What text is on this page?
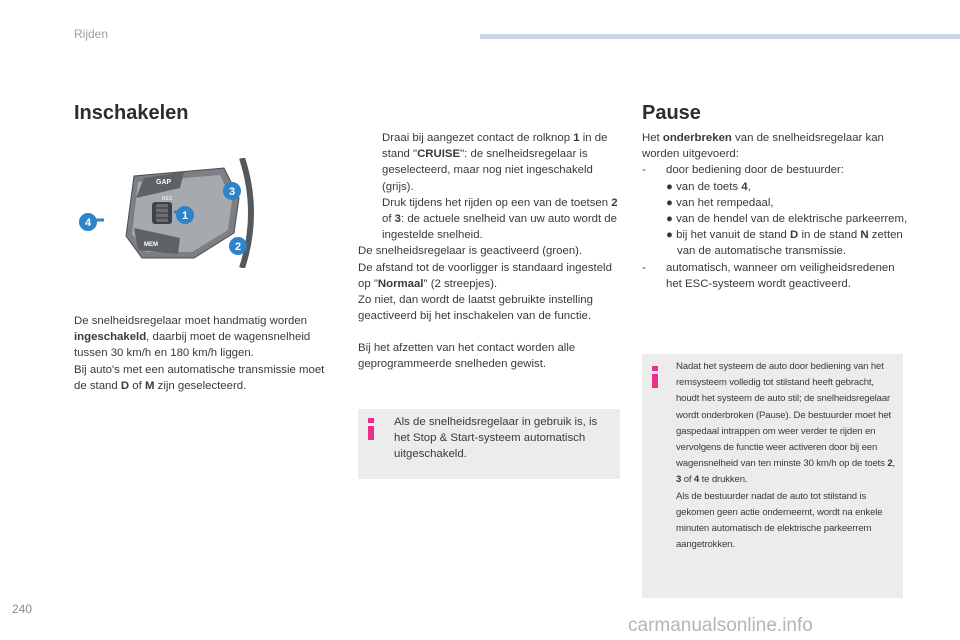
Rijden
Inschakelen
GAP
MEM
RES
1
2
3
4

De snelheidsregelaar moet handmatig worden ingeschakeld, daarbij moet de wagensnelheid tussen 30 km/h en 180 km/h liggen.

Bij auto's met een automatische transmissie moet de stand D of M zijn geselecteerd.

Draai bij aangezet contact de rolknop 1 in de stand "CRUISE": de snelheidsregelaar is geselecteerd, maar nog niet ingeschakeld (grijs).
Druk tijdens het rijden op een van de toetsen 2 of 3: de actuele snelheid van uw auto wordt de ingestelde snelheid.

De snelheidsregelaar is geactiveerd (groen).

De afstand tot de voorligger is standaard ingesteld op "Normaal" (2 streepjes).

Zo niet, dan wordt de laatst gebruikte instelling geactiveerd bij het inschakelen van de functie.

Bij het afzetten van het contact worden alle geprogrammeerde snelheden gewist.
Als de snelheidsregelaar in gebruik is, is het Stop & Start-systeem automatisch uitgeschakeld.
Pause

Het onderbreken van de snelheidsregelaar kan worden uitgevoerd:

-	door bediening door de bestuurder:
● van de toets 4,
● van het rempedaal,
● van de hendel van de elektrische parkeerrem,
● bij het vanuit de stand D in de stand N zetten van de automatische transmissie.
-	automatisch, wanneer om veiligheidsredenen het ESC-systeem wordt geactiveerd.

Nadat het systeem de auto door bediening van het remsysteem volledig tot stilstand heeft gebracht, houdt het systeem de auto stil; de snelheidsregelaar wordt onderbroken (Pause). De bestuurder moet het gaspedaal intrappen om weer verder te rijden en vervolgens de functie weer activeren door bij een wagensnelheid van ten minste 30 km/h op de toets 2, 3 of 4 te drukken.

Als de bestuurder nadat de auto tot stilstand is gekomen geen actie onderneemt, wordt na enkele minuten automatisch de elektrische parkeerrem aangetrokken.

240
carmanualsonline.info
